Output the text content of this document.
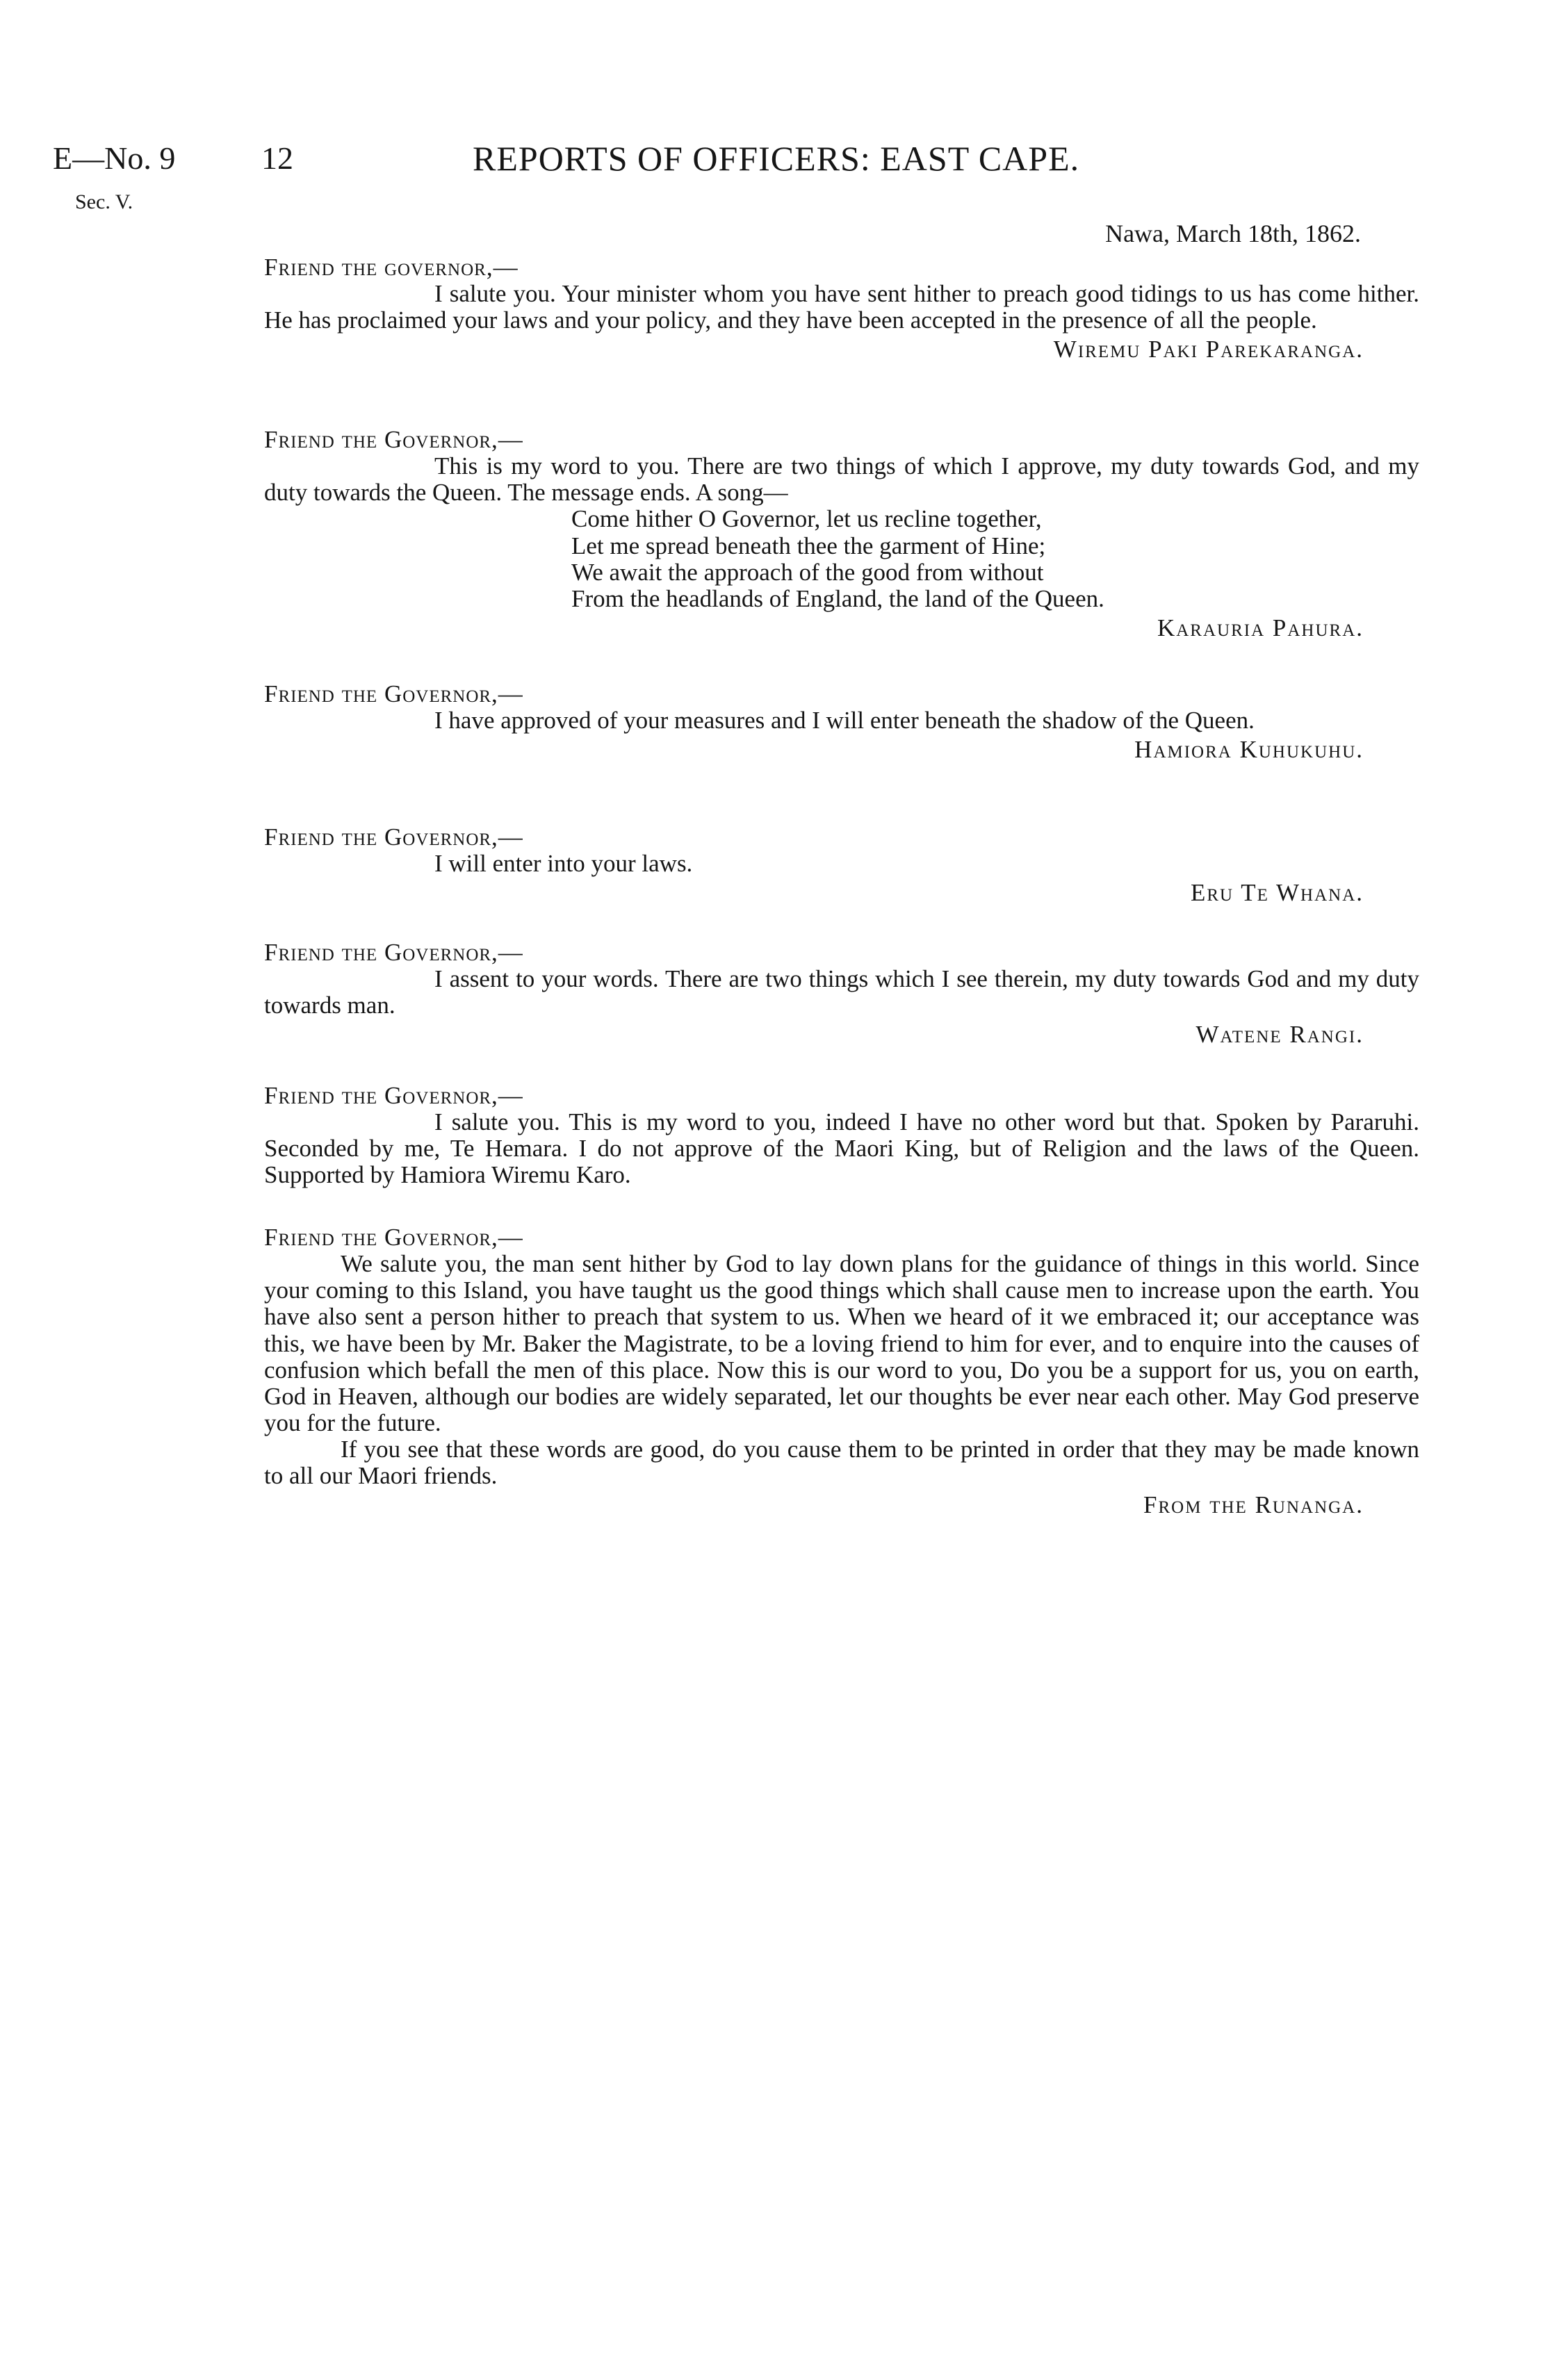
E—No. 9
Sec. V.
12	REPORTS OF OFFICERS: EAST CAPE.
Nawa, March 18th, 1862.

Friend the governor,—

I salute you. Your minister whom you have sent hither to preach good tidings to us has come hither. He has proclaimed your laws and your policy, and they have been accepted in the presence of all the people.

Wiremu Paki Parekaranga.

Friend the Governor,—

This is my word to you. There are two things of which I approve, my duty towards God, and my duty towards the Queen. The message ends. A song—

Come hither O Governor, let us recline together,
Let me spread beneath thee the garment of Hine;
We await the approach of the good from without
From the headlands of England, the land of the Queen.
Karauria Pahura.

Friend the Governor,—

I have approved of your measures and I will enter beneath the shadow of the Queen.

Hamiora Kuhukuhu.

Friend the Governor,—

I will enter into your laws.

Eru Te Whana.

Friend the Governor,—

I assent to your words. There are two things which I see therein, my duty towards God and my duty towards man.

Watene Rangi.

Friend the Governor,—

I salute you. This is my word to you, indeed I have no other word but that. Spoken by Pararuhi. Seconded by me, Te Hemara. I do not approve of the Maori King, but of Religion and the laws of the Queen. Supported by Hamiora Wiremu Karo.

Friend the Governor,—

We salute you, the man sent hither by God to lay down plans for the guidance of things in this world. Since your coming to this Island, you have taught us the good things which shall cause men to increase upon the earth. You have also sent a person hither to preach that system to us. When we heard of it we embraced it; our acceptance was this, we have been by Mr. Baker the Magistrate, to be a loving friend to him for ever, and to enquire into the causes of confusion which befall the men of this place. Now this is our word to you, Do you be a support for us, you on earth, God in Heaven, although our bodies are widely separated, let our thoughts be ever near each other. May God preserve you for the future.

If you see that these words are good, do you cause them to be printed in order that they may be made known to all our Maori friends.

From the Runanga.
